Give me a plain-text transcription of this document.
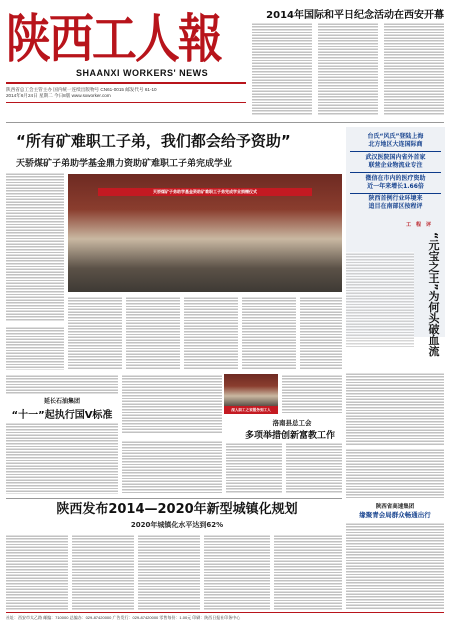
陕西工人報
SHAANXI WORKERS' NEWS
陕西省总工会主管主办 国内统一连续出版物号 CN61-0015 邮发代号 61-10
2014年6月24日 星期二 今日8版 www.sxworker.com
2014年国际和平日纪念活动在西安开幕
“所有矿难职工子弟，我们都会给予资助”
天骄煤矿子弟助学基金鼎力资助矿难职工子弟完成学业
天骄煤矿子弟助学基金资助矿难职工子弟完成学业捐赠仪式
台氏“风氏”登陆上海
北方地区大连国际商
武汉医院国内省外首家
联营企业物流业专注
微信在市内的医疗资助
近一年来增长1.66倍
陕西首例行业环境来
追目在南部区按程评
工　程　评
“元宝之王”为何头破血流
延长石油集团
“十一”起执行国Ⅴ标准	深入职工之家服务到工人
洛南县总工会
多项举措创新富教工作
陕西发布2014—2020年新型城镇化规划
2020年城镇化水平达到62%
陕西省高速集团
缘聚青会局群众畅通出行
社址：西安市太乙路 邮编：710000 总编办：029-87420000 广告发行：029-87420000 零售每份：1.00元 印刷：陕西日报社印务中心
